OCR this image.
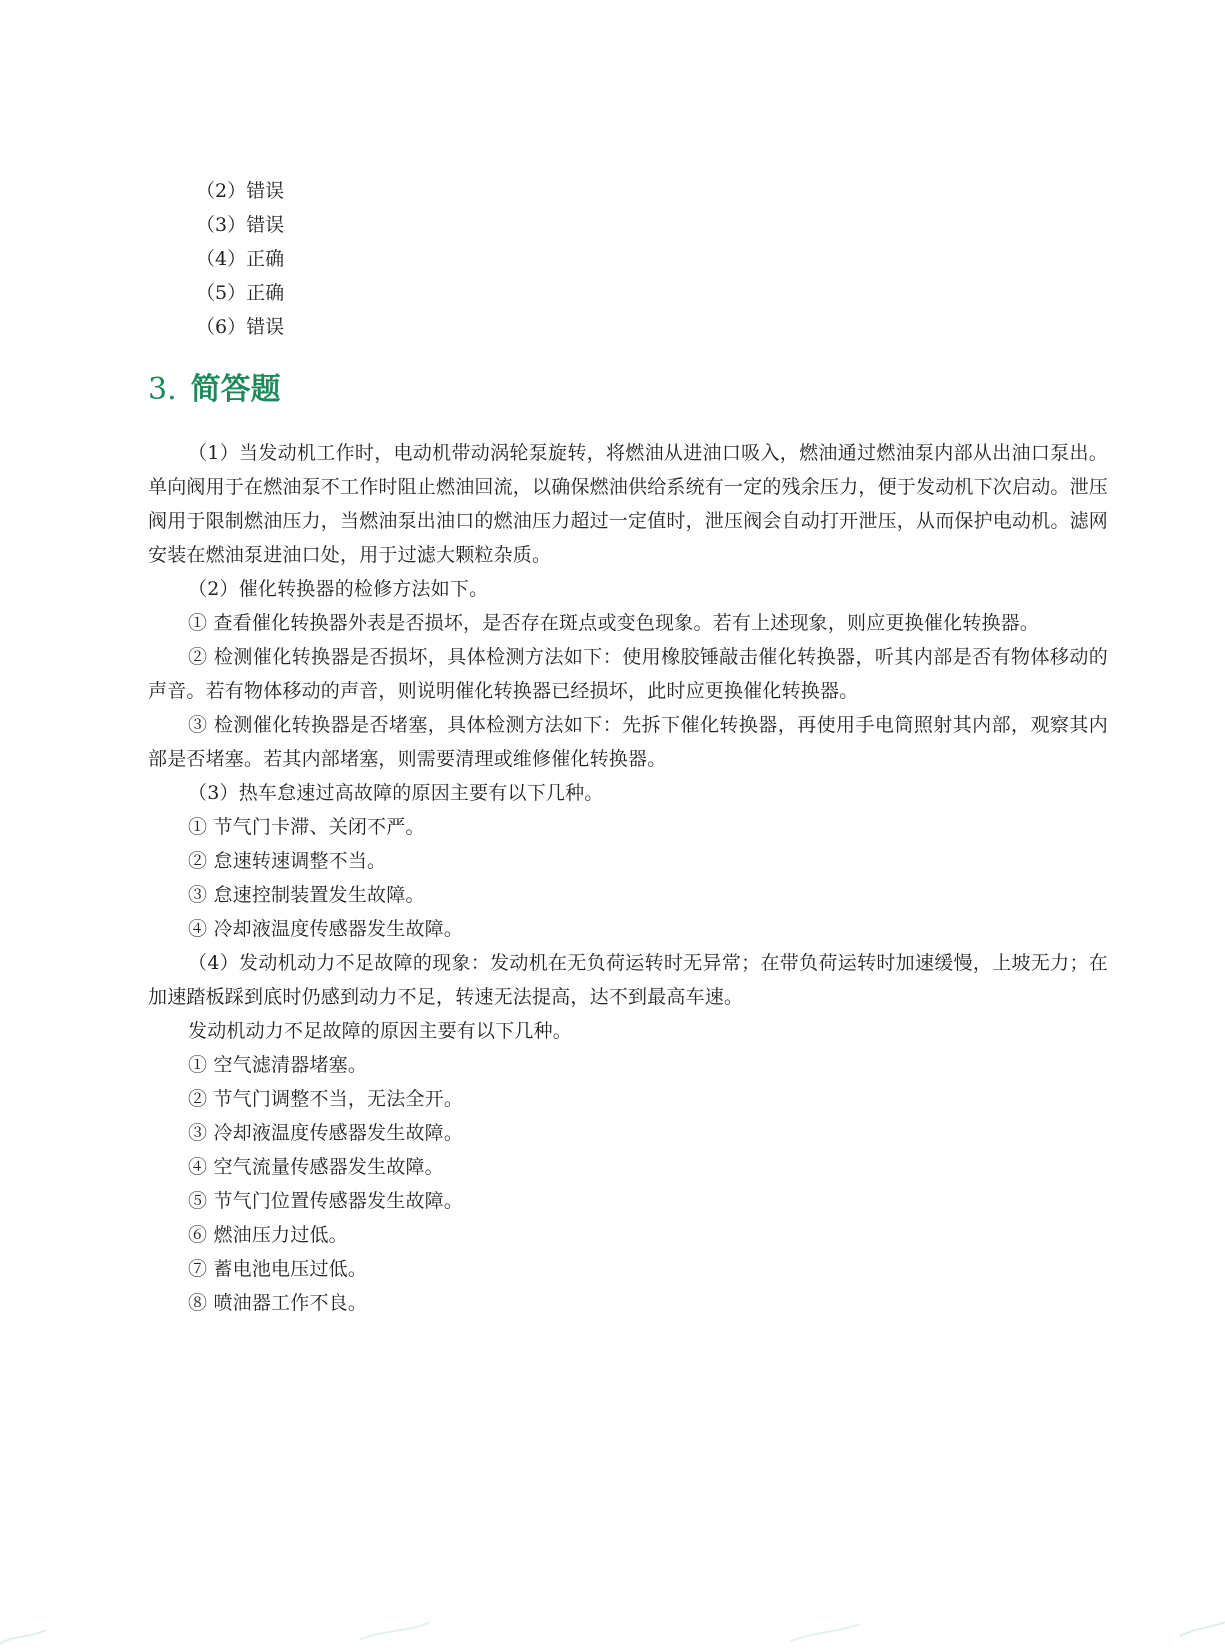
（2）错误
（3）错误
（4）正确
（5）正确
（6）错误
3. 简答题

（1）当发动机工作时，电动机带动涡轮泵旋转，将燃油从进油口吸入，燃油通过燃油泵内部从出油口泵出。单向阀用于在燃油泵不工作时阻止燃油回流，以确保燃油供给系统有一定的残余压力，便于发动机下次启动。泄压阀用于限制燃油压力，当燃油泵出油口的燃油压力超过一定值时，泄压阀会自动打开泄压，从而保护电动机。滤网安装在燃油泵进油口处，用于过滤大颗粒杂质。

（2）催化转换器的检修方法如下。

① 查看催化转换器外表是否损坏，是否存在斑点或变色现象。若有上述现象，则应更换催化转换器。

② 检测催化转换器是否损坏，具体检测方法如下：使用橡胶锤敲击催化转换器，听其内部是否有物体移动的声音。若有物体移动的声音，则说明催化转换器已经损坏，此时应更换催化转换器。

③ 检测催化转换器是否堵塞，具体检测方法如下：先拆下催化转换器，再使用手电筒照射其内部，观察其内部是否堵塞。若其内部堵塞，则需要清理或维修催化转换器。

（3）热车怠速过高故障的原因主要有以下几种。

① 节气门卡滞、关闭不严。

② 怠速转速调整不当。

③ 怠速控制装置发生故障。

④ 冷却液温度传感器发生故障。

（4）发动机动力不足故障的现象：发动机在无负荷运转时无异常；在带负荷运转时加速缓慢，上坡无力；在加速踏板踩到底时仍感到动力不足，转速无法提高，达不到最高车速。

发动机动力不足故障的原因主要有以下几种。

① 空气滤清器堵塞。

② 节气门调整不当，无法全开。

③ 冷却液温度传感器发生故障。

④ 空气流量传感器发生故障。

⑤ 节气门位置传感器发生故障。

⑥ 燃油压力过低。

⑦ 蓄电池电压过低。

⑧ 喷油器工作不良。
